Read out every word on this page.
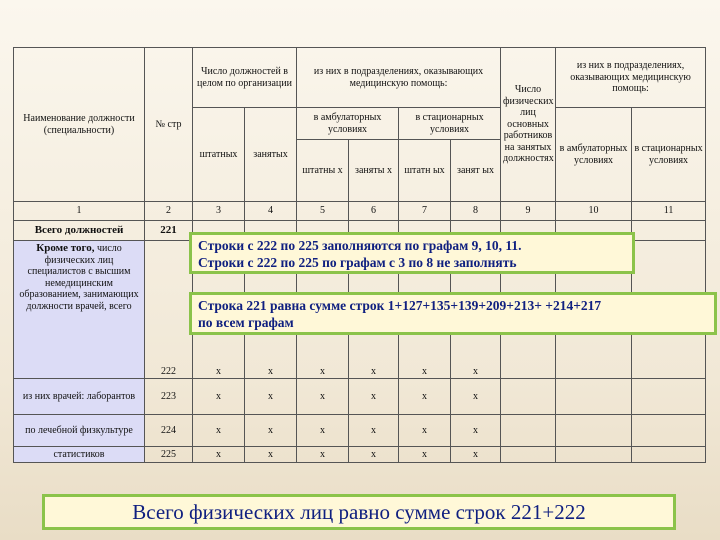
Наименование должности (специальности)	№ стр	Число должностей в целом по организации		из них в подразделениях, оказывающих медицинскую помощь:				Число физических лиц основных работников на занятых должностях	из них в подразделениях, оказывающих медицинскую помощь:	
		штатных	занятых	в амбулаторных условиях		в стационарных условиях			в амбулаторных условиях	в стационарных условиях
				штатны х	заняты х	штатн ых	занят ых			
1	2	3	4	5	6	7	8	9	10	11
Всего должностей	221									
Кроме того, число физических лиц специалистов с высшим немедицинским образованием, занимающих должности врачей, всего	222	x	x	x	x	x	x			
из них врачей: лаборантов	223	x	x	x	x	x	x			
по лечебной физкультуре	224	x	x	x	x	x	x			
статистиков	225	x	x	x	x	x	x			
Строки с 222 по 225 заполняются по графам 9, 10, 11.
Строки с 222 по 225 по графам с 3 по 8 не заполнять
Строка 221 равна сумме строк 1+127+135+139+209+213+ +214+217
по всем графам
Всего физических лиц равно сумме строк 221+222
